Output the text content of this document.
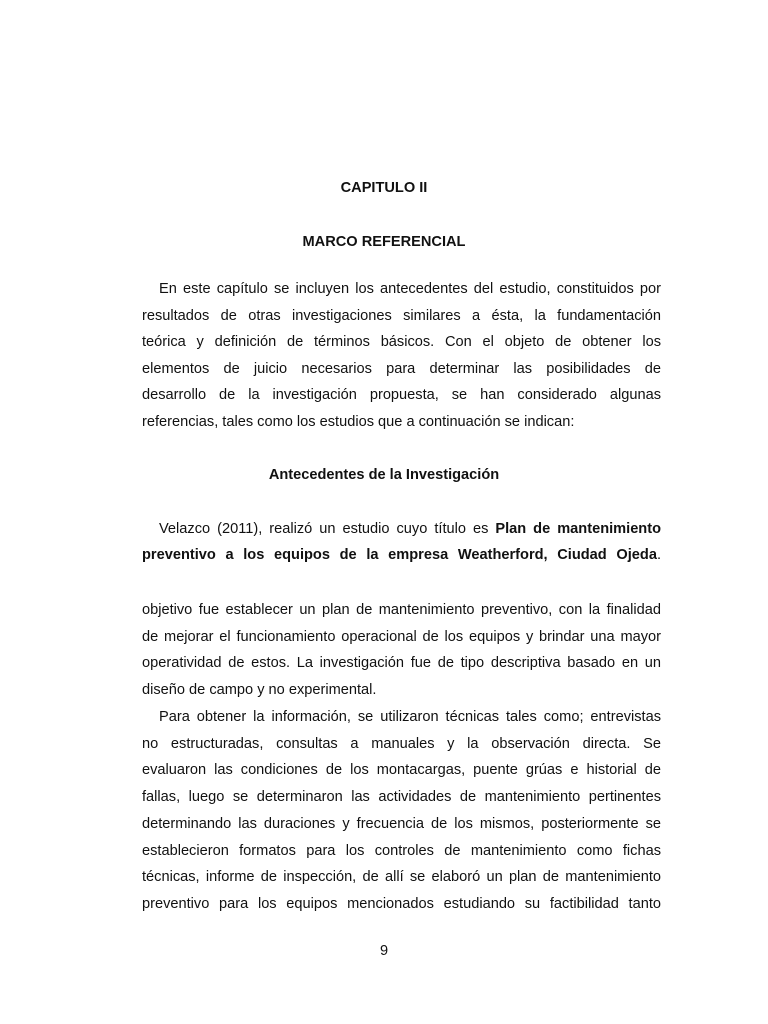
CAPITULO II

MARCO REFERENCIAL

En este capítulo se incluyen los antecedentes del estudio, constituidos por

resultados de otras investigaciones similares a ésta, la fundamentación

teórica y definición de términos básicos. Con el objeto de obtener los

elementos de juicio necesarios para determinar las posibilidades de

desarrollo de la investigación propuesta, se han considerado algunas

referencias, tales como los estudios que a continuación se indican:

Antecedentes de la Investigación

Velazco (2011), realizó un estudio cuyo título es Plan de mantenimiento

preventivo a los equipos de la empresa Weatherford, Ciudad Ojeda.

objetivo fue establecer un plan de mantenimiento preventivo, con la finalidad

de mejorar el funcionamiento operacional de los equipos y brindar una mayor

operatividad de estos. La investigación fue de tipo descriptiva basado en un

diseño de campo y no experimental.

Para obtener la información, se utilizaron técnicas tales como; entrevistas

no estructuradas, consultas a manuales y la observación directa. Se

evaluaron las condiciones de los montacargas, puente grúas e historial de

fallas, luego se determinaron las actividades de mantenimiento pertinentes

determinando las duraciones y frecuencia de los mismos, posteriormente se

establecieron formatos para los controles de mantenimiento como fichas

técnicas, informe de inspección, de allí se elaboró un plan de mantenimiento

preventivo para los equipos mencionados estudiando su factibilidad tanto

9
